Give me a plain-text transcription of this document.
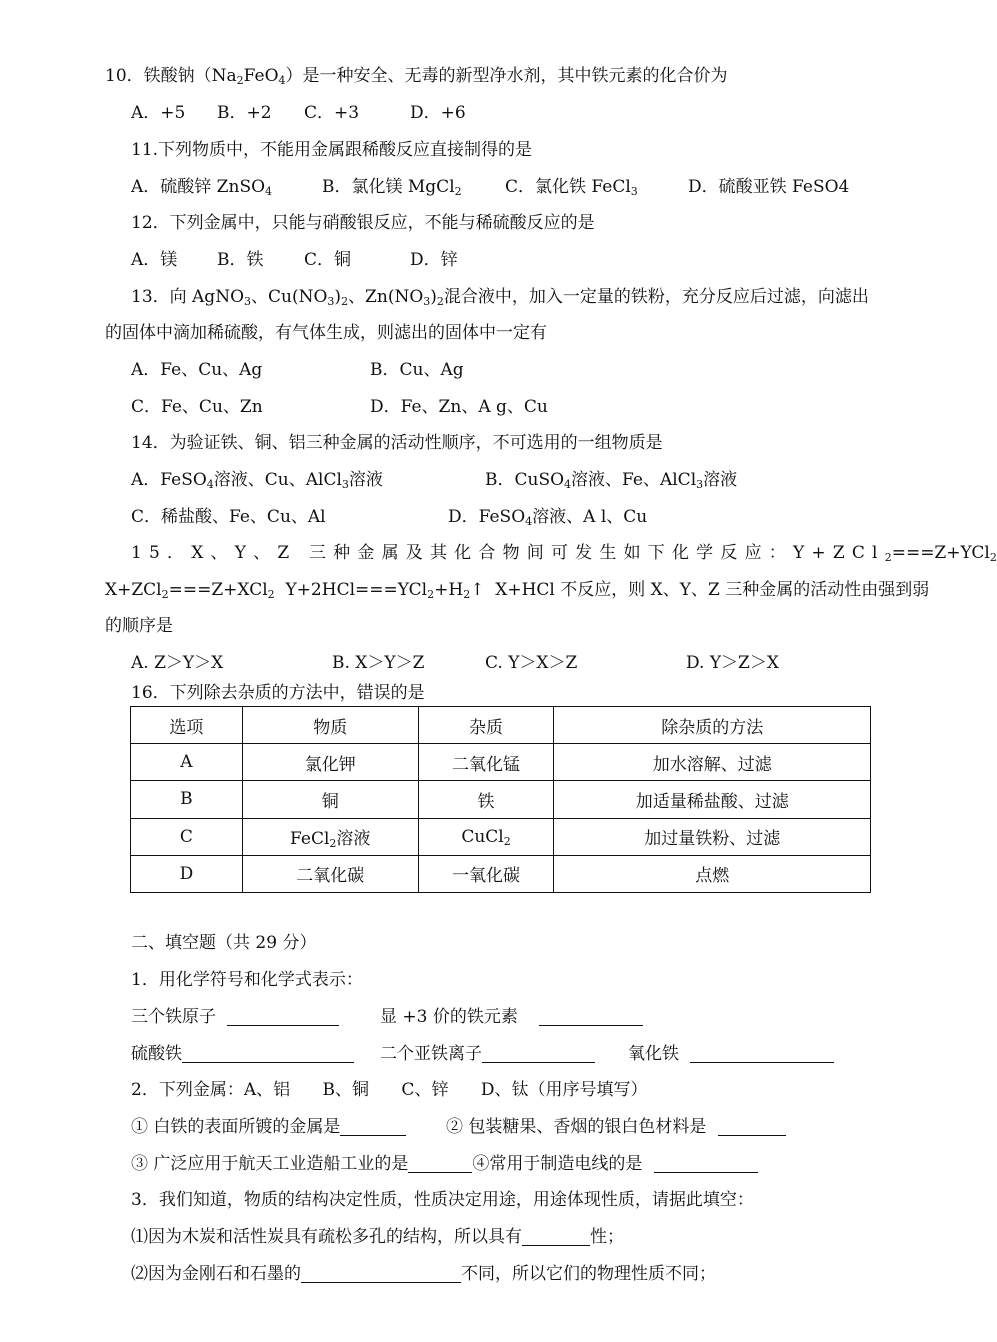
10．铁酸钠$(Na_2FeO_4)$是一种安全、无毒的新型净水剂，其中铁元素的化合价为
A．+5 B．+2 C．+3	D．+6
11.下列物质中，不能用金属跟稀酸反应直接制得的是
A．硫酸锌 ZnSO$_4$	B．氯化镁 MgCl$_2$	C．氯化铁 FeCl$_3$	D．硫酸亚铁 FeSO4
12．下列金属中，只能与硝酸银反应，不能与稀硫酸反应的是
A．镁 B．铁 C．铜	D．锌
13．向 AgNO$_3$、$Cu(NO_3)_2$、$Zn(NO_3)_2$混合液中，加入一定量的铁粉，充分反应后过滤，向滤出
的固体中滴加稀硫酸，有气体生成，则滤出的固体中一定有
A．Fe、Cu、Ag	B．Cu、Ag
C．Fe、Cu、Zn	D．Fe、Zn、A g、Cu
14．为验证铁、铜、铝三种金属的活动性顺序，不可选用的一组物质是
A．FeSO$_4$溶液、Cu、AlCl$_3$溶液	B．CuSO$_4$溶液、Fe、AlCl$_3$溶液
C．稀盐酸、Fe、Cu、Al	D．FeSO$_4$溶液、A l、Cu
15．X、Y、Z 三种金属及其化合物间可发生如下化学反应：Y+ZCl$_2$===Z+YCl$_2$
X+ZCl$_2$===Z+XCl$_2$  $Y+2HCl===YCl_2+H_2↑$  X+HCl 不反应，则 X、Y、Z 三种金属的活动性由强到弱
的顺序是
A. Z＞Y＞X	B. X＞Y＞Z	C. Y＞X＞Z	D. Y＞Z＞X
16．下列除去杂质的方法中，错误的是
选项	物质	杂质	除杂质的方法
A	氯化钾	二氧化锰	加水溶解、过滤
B	铜	铁	加适量稀盐酸、过滤
C	FeCl$_2$溶液	CuCl$_2$	加过量铁粉、过滤
D	二氧化碳	一氧化碳	点燃
二、填空题（共 29 分）
1．用化学符号和化学式表示：
三个铁原子	显 +3 价的铁元素
硫酸铁	二个亚铁离子	氧化铁
2．下列金属：A、铝      B、铜      C、锌      D、钛（用序号填写）
① 白铁的表面所镀的金属是	② 包装糖果、香烟的银白色材料是
③ 广泛应用于航天工业造船工业的是	④常用于制造电线的是
3．我们知道，物质的结构决定性质，性质决定用途，用途体现性质，请据此填空：
⑴因为木炭和活性炭具有疏松多孔的结构，所以具有	性；
⑵因为金刚石和石墨的	不同，所以它们的物理性质不同；
